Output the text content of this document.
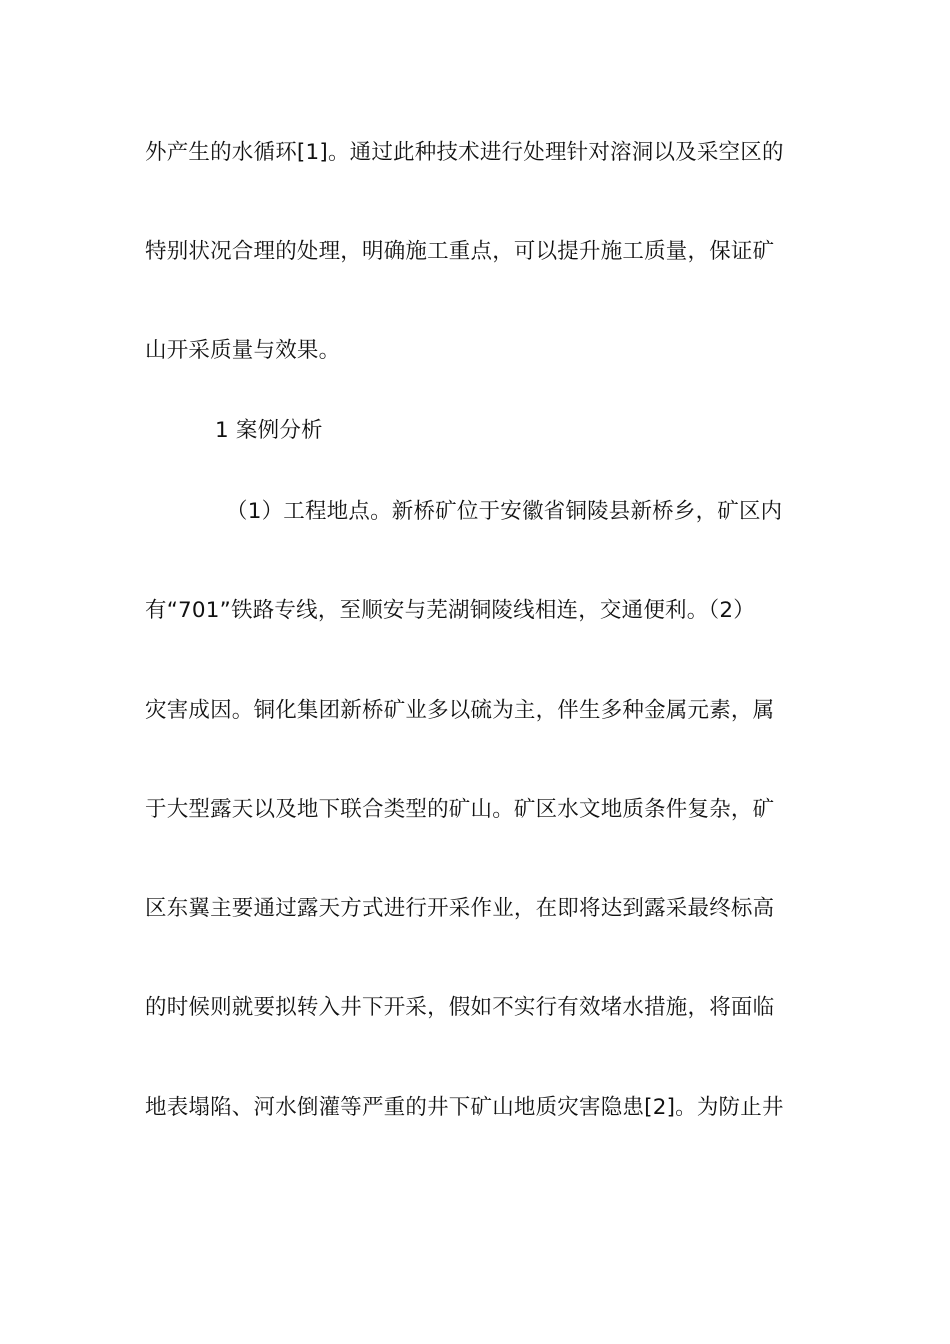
外产生的水循环[1]。通过此种技术进行处理针对溶洞以及采空区的
特别状况合理的处理，明确施工重点，可以提升施工质量，保证矿
山开采质量与效果。
1 案例分析
（1）工程地点。新桥矿位于安徽省铜陵县新桥乡，矿区内
有“701”铁路专线，至顺安与芜湖铜陵线相连，交通便利。（2）
灾害成因。铜化集团新桥矿业多以硫为主，伴生多种金属元素，属
于大型露天以及地下联合类型的矿山。矿区水文地质条件复杂，矿
区东翼主要通过露天方式进行开采作业，在即将达到露采最终标高
的时候则就要拟转入井下开采，假如不实行有效堵水措施，将面临
地表塌陷、河水倒灌等严重的井下矿山地质灾害隐患[2]。为防止井
